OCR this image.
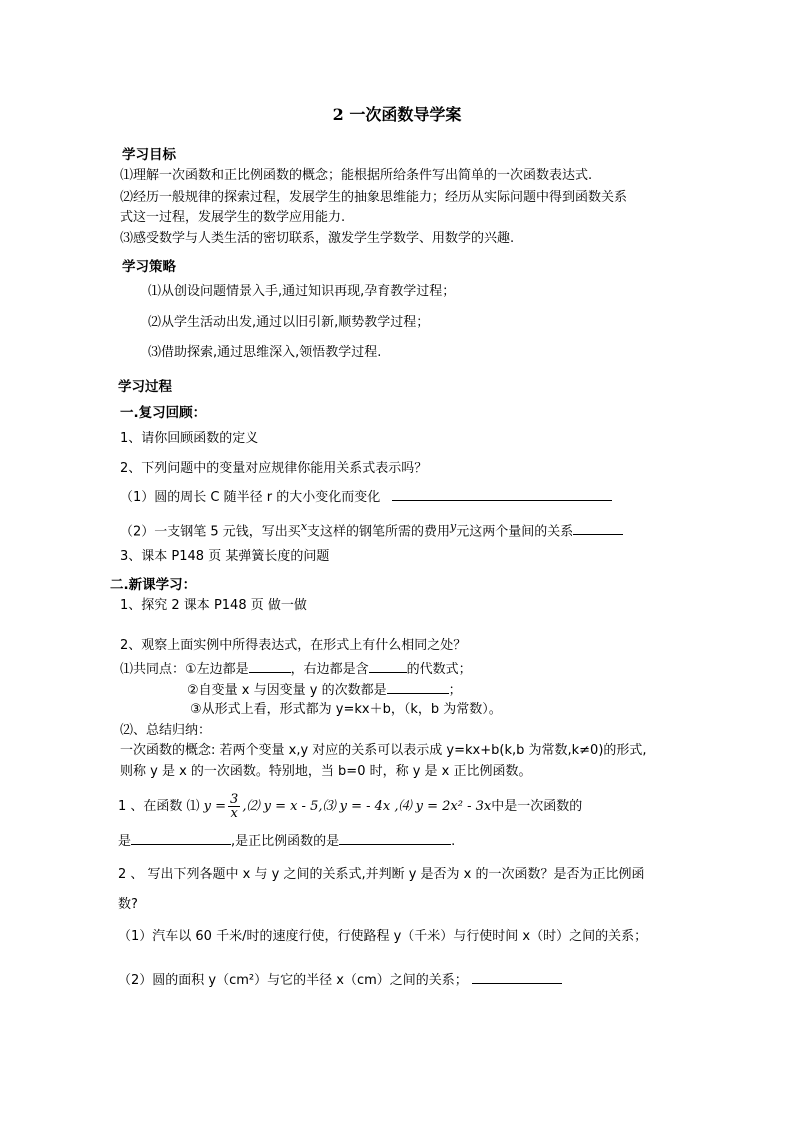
2 一次函数导学案
学习目标
⑴理解一次函数和正比例函数的概念；能根据所给条件写出简单的一次函数表达式.
⑵经历一般规律的探索过程，发展学生的抽象思维能力；经历从实际问题中得到函数关系
式这一过程，发展学生的数学应用能力.
⑶感受数学与人类生活的密切联系，激发学生学数学、用数学的兴趣.
学习策略
⑴从创设问题情景入手,通过知识再现,孕育教学过程；
⑵从学生活动出发,通过以旧引新,顺势教学过程；
⑶借助探索,通过思维深入,领悟教学过程.
学习过程
一.复习回顾：
1、请你回顾函数的定义
2、下列问题中的变量对应规律你能用关系式表示吗？
（1）圆的周长 C 随半径 r 的大小变化而变化
（2）一支钢笔 5 元钱，写出买$^x$支这样的钢笔所需的费用$^y$元这两个量间的关系
3、课本 P148 页 某弹簧长度的问题
二.新课学习：
1、探究 2 课本 P148 页 做一做
2、观察上面实例中所得表达式，在形式上有什么相同之处？
⑴共同点：①左边都是	，右边都是含	的代数式；
②自变量 x 与因变量 y 的次数都是	；
③从形式上看，形式都为 y=kx＋b，（k，b 为常数）。
⑵、总结归纳：
一次函数的概念: 若两个变量 x,y 对应的关系可以表示成 y=kx+b(k,b 为常数,k≠0)的形式,
则称 y 是 x 的一次函数。特别地，当 b=0 时，称 y 是 x 正比例函数。
1 、在函数 ⑴ $y = \frac{3}{x}$ ,⑵ y = x - 5,⑶ y = - 4x ,⑷ y = 2x² - 3x中是一次函数的
是	,是正比例函数的是	.
2 、 写出下列各题中 x 与 y 之间的关系式,并判断 y 是否为 x 的一次函数？是否为正比例函
数?
（1）汽车以 60 千米/时的速度行使，行使路程 y（千米）与行使时间 x（时）之间的关系；
（2）圆的面积 y（cm²）与它的半径 x（cm）之间的关系；
